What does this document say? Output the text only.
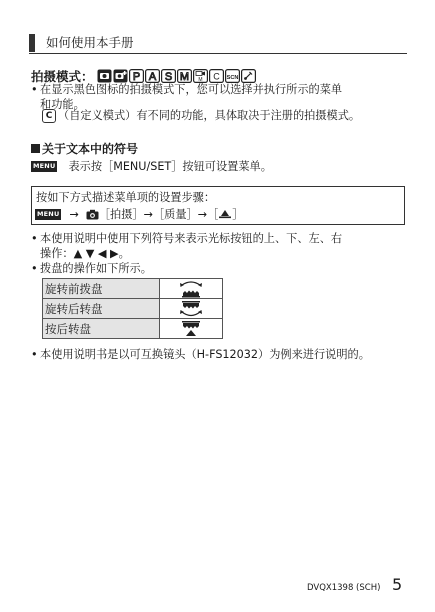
如何使用本手册
拍摄模式：	P A S M M C SCN
• 在显示黑色图标的拍摄模式下，您可以选择并执行所示的菜单
和功能。
C （自定义模式）有不同的功能，具体取决于注册的拍摄模式。
关于文本中的符号
MENU 表示按［MENU/SET］按钮可设置菜单。
按如下方式描述菜单项的设置步骤：
MENU → ［拍摄］ → ［质量］ → ［ ］
• 本使用说明中使用下列符号来表示光标按钮的上、下、左、右
操作：▲ ▼ ◀ ▶。
• 拨盘的操作如下所示。
旋转前拨盘	

旋转后转盘	

按后转盘	
• 本使用说明书是以可互换镜头（H-FS12032）为例来进行说明的。
DVQX1398 (SCH) 5
